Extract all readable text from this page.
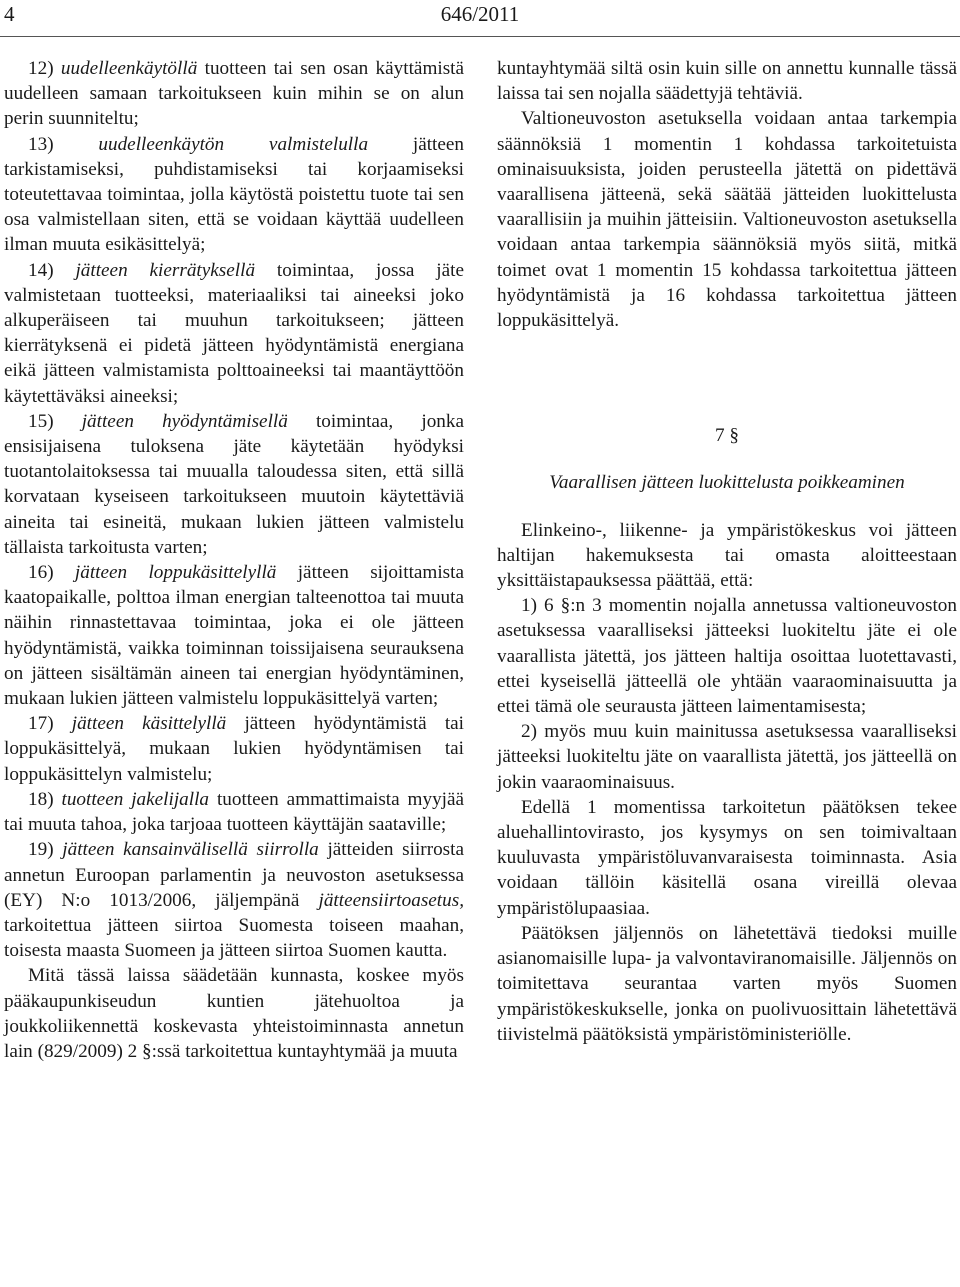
4	646/2011

12) uudelleenkäytöllä tuotteen tai sen osan käyttämistä uudelleen samaan tarkoitukseen kuin mihin se on alun perin suunniteltu;

13) uudelleenkäytön valmistelulla jätteen tarkistamiseksi, puhdistamiseksi tai korjaamiseksi toteutettavaa toimintaa, jolla käytöstä poistettu tuote tai sen osa valmistellaan siten, että se voidaan käyttää uudelleen ilman muuta esikäsittelyä;

14) jätteen kierrätyksellä toimintaa, jossa jäte valmistetaan tuotteeksi, materiaaliksi tai aineeksi joko alkuperäiseen tai muuhun tarkoitukseen; jätteen kierrätyksenä ei pidetä jätteen hyödyntämistä energiana eikä jätteen valmistamista polttoaineeksi tai maantäyttöön käytettäväksi aineeksi;

15) jätteen hyödyntämisellä toimintaa, jonka ensisijaisena tuloksena jäte käytetään hyödyksi tuotantolaitoksessa tai muualla taloudessa siten, että sillä korvataan kyseiseen tarkoitukseen muutoin käytettäviä aineita tai esineitä, mukaan lukien jätteen valmistelu tällaista tarkoitusta varten;

16) jätteen loppukäsittelyllä jätteen sijoittamista kaatopaikalle, polttoa ilman energian talteenottoa tai muuta näihin rinnastettavaa toimintaa, joka ei ole jätteen hyödyntämistä, vaikka toiminnan toissijaisena seurauksena on jätteen sisältämän aineen tai energian hyödyntäminen, mukaan lukien jätteen valmistelu loppukäsittelyä varten;

17) jätteen käsittelyllä jätteen hyödyntämistä tai loppukäsittelyä, mukaan lukien hyödyntämisen tai loppukäsittelyn valmistelu;

18) tuotteen jakelijalla tuotteen ammattimaista myyjää tai muuta tahoa, joka tarjoaa tuotteen käyttäjän saataville;

19) jätteen kansainvälisellä siirrolla jätteiden siirrosta annetun Euroopan parlamentin ja neuvoston asetuksessa (EY) N:o 1013/2006, jäljempänä jätteensiirtoasetus, tarkoitettua jätteen siirtoa Suomesta toiseen maahan, toisesta maasta Suomeen ja jätteen siirtoa Suomen kautta.

Mitä tässä laissa säädetään kunnasta, koskee myös pääkaupunkiseudun kuntien jätehuoltoa ja joukkoliikennettä koskevasta yhteistoiminnasta annetun lain (829/2009) 2 §:ssä tarkoitettua kuntayhtymää ja muuta

kuntayhtymää siltä osin kuin sille on annettu kunnalle tässä laissa tai sen nojalla säädettyjä tehtäviä.

Valtioneuvoston asetuksella voidaan antaa tarkempia säännöksiä 1 momentin 1 kohdassa tarkoitetuista ominaisuuksista, joiden perusteella jätettä on pidettävä vaarallisena jätteenä, sekä säätää jätteiden luokittelusta vaarallisiin ja muihin jätteisiin. Valtioneuvoston asetuksella voidaan antaa tarkempia säännöksiä myös siitä, mitkä toimet ovat 1 momentin 15 kohdassa tarkoitettua jätteen hyödyntämistä ja 16 kohdassa tarkoitettua jätteen loppukäsittelyä.

7 §
Vaarallisen jätteen luokittelusta poikkeaminen

Elinkeino-, liikenne- ja ympäristökeskus voi jätteen haltijan hakemuksesta tai omasta aloitteestaan yksittäistapauksessa päättää, että:

1) 6 §:n 3 momentin nojalla annetussa valtioneuvoston asetuksessa vaaralliseksi jätteeksi luokiteltu jäte ei ole vaarallista jätettä, jos jätteen haltija osoittaa luotettavasti, ettei kyseisellä jätteellä ole yhtään vaaraominaisuutta ja ettei tämä ole seurausta jätteen laimentamisesta;

2) myös muu kuin mainitussa asetuksessa vaaralliseksi jätteeksi luokiteltu jäte on vaarallista jätettä, jos jätteellä on jokin vaaraominaisuus.

Edellä 1 momentissa tarkoitetun päätöksen tekee aluehallintovirasto, jos kysymys on sen toimivaltaan kuuluvasta ympäristöluvanvaraisesta toiminnasta. Asia voidaan tällöin käsitellä osana vireillä olevaa ympäristölupaasiaa.

Päätöksen jäljennös on lähetettävä tiedoksi muille asianomaisille lupa- ja valvontaviranomaisille. Jäljennös on toimitettava seurantaa varten myös Suomen ympäristökeskukselle, jonka on puolivuosittain lähetettävä tiivistelmä päätöksistä ympäristöministeriölle.
